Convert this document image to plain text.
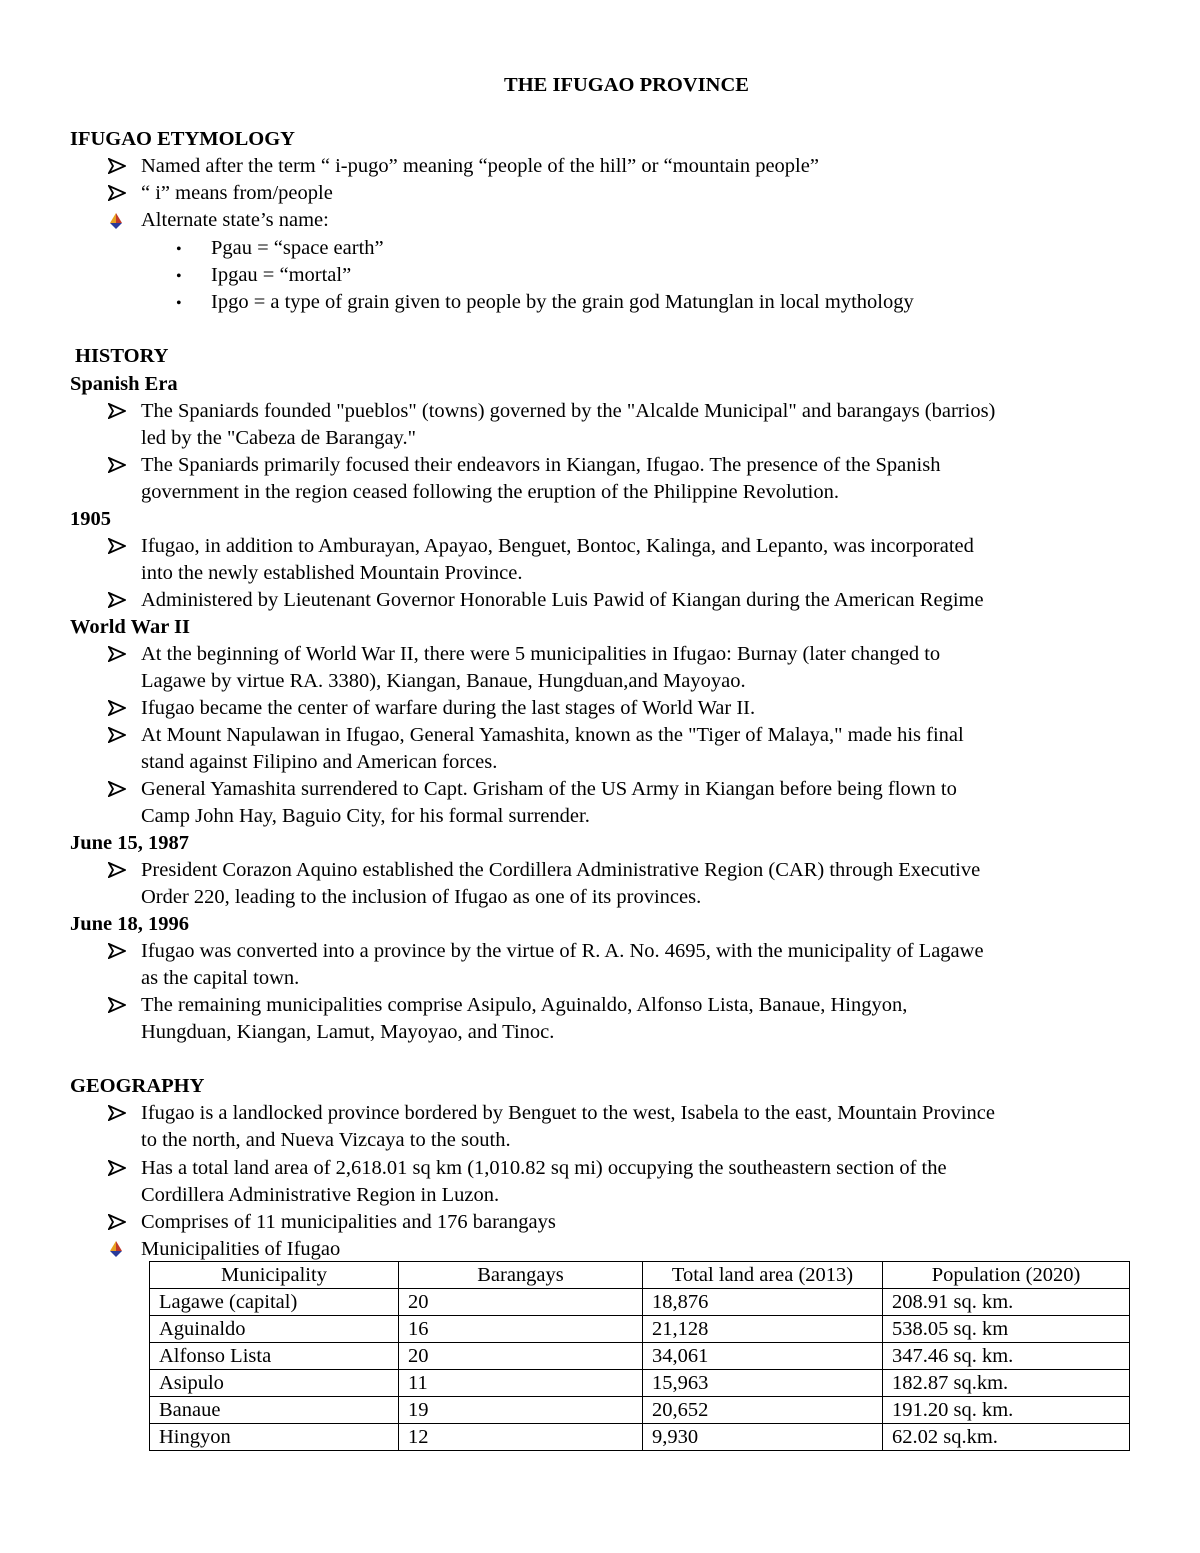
THE IFUGAO PROVINCE
IFUGAO ETYMOLOGY
Named after the term “ i-pugo” meaning “people of the hill” or “mountain people”
“ i” means from/people
Alternate state’s name:
• Pgau = “space earth”
• Ipgau = “mortal”
• Ipgo = a type of grain given to people by the grain god Matunglan in local mythology
HISTORY
Spanish Era
The Spaniards founded "pueblos" (towns) governed by the "Alcalde Municipal" and barangays (barrios)
led by the "Cabeza de Barangay."
The Spaniards primarily focused their endeavors in Kiangan, Ifugao. The presence of the Spanish
government in the region ceased following the eruption of the Philippine Revolution.
1905
Ifugao, in addition to Amburayan, Apayao, Benguet, Bontoc, Kalinga, and Lepanto, was incorporated
into the newly established Mountain Province.
Administered by Lieutenant Governor Honorable Luis Pawid of Kiangan during the American Regime
World War II
At the beginning of World War II, there were 5 municipalities in Ifugao: Burnay (later changed to
Lagawe by virtue RA. 3380), Kiangan, Banaue, Hungduan,and Mayoyao.
Ifugao became the center of warfare during the last stages of World War II.
At Mount Napulawan in Ifugao, General Yamashita, known as the "Tiger of Malaya," made his final
stand against Filipino and American forces.
General Yamashita surrendered to Capt. Grisham of the US Army in Kiangan before being flown to
Camp John Hay, Baguio City, for his formal surrender.
June 15, 1987
President Corazon Aquino established the Cordillera Administrative Region (CAR) through Executive
Order 220, leading to the inclusion of Ifugao as one of its provinces.
June 18, 1996
Ifugao was converted into a province by the virtue of R. A. No. 4695, with the municipality of Lagawe
as the capital town.
The remaining municipalities comprise Asipulo, Aguinaldo, Alfonso Lista, Banaue, Hingyon,
Hungduan, Kiangan, Lamut, Mayoyao, and Tinoc.
GEOGRAPHY
Ifugao is a landlocked province bordered by Benguet to the west, Isabela to the east, Mountain Province
to the north, and Nueva Vizcaya to the south.
Has a total land area of 2,618.01 sq km (1,010.82 sq mi) occupying the southeastern section of the
Cordillera Administrative Region in Luzon.
Comprises of 11 municipalities and 176 barangays
Municipalities of Ifugao
Municipality	Barangays	Total land area (2013)	Population (2020)
Lagawe (capital)	20	18,876	208.91 sq. km.
Aguinaldo	16	21,128	538.05 sq. km
Alfonso Lista	20	34,061	347.46 sq. km.
Asipulo	11	15,963	182.87 sq.km.
Banaue	19	20,652	191.20 sq. km.
Hingyon	12	9,930	62.02 sq.km.
